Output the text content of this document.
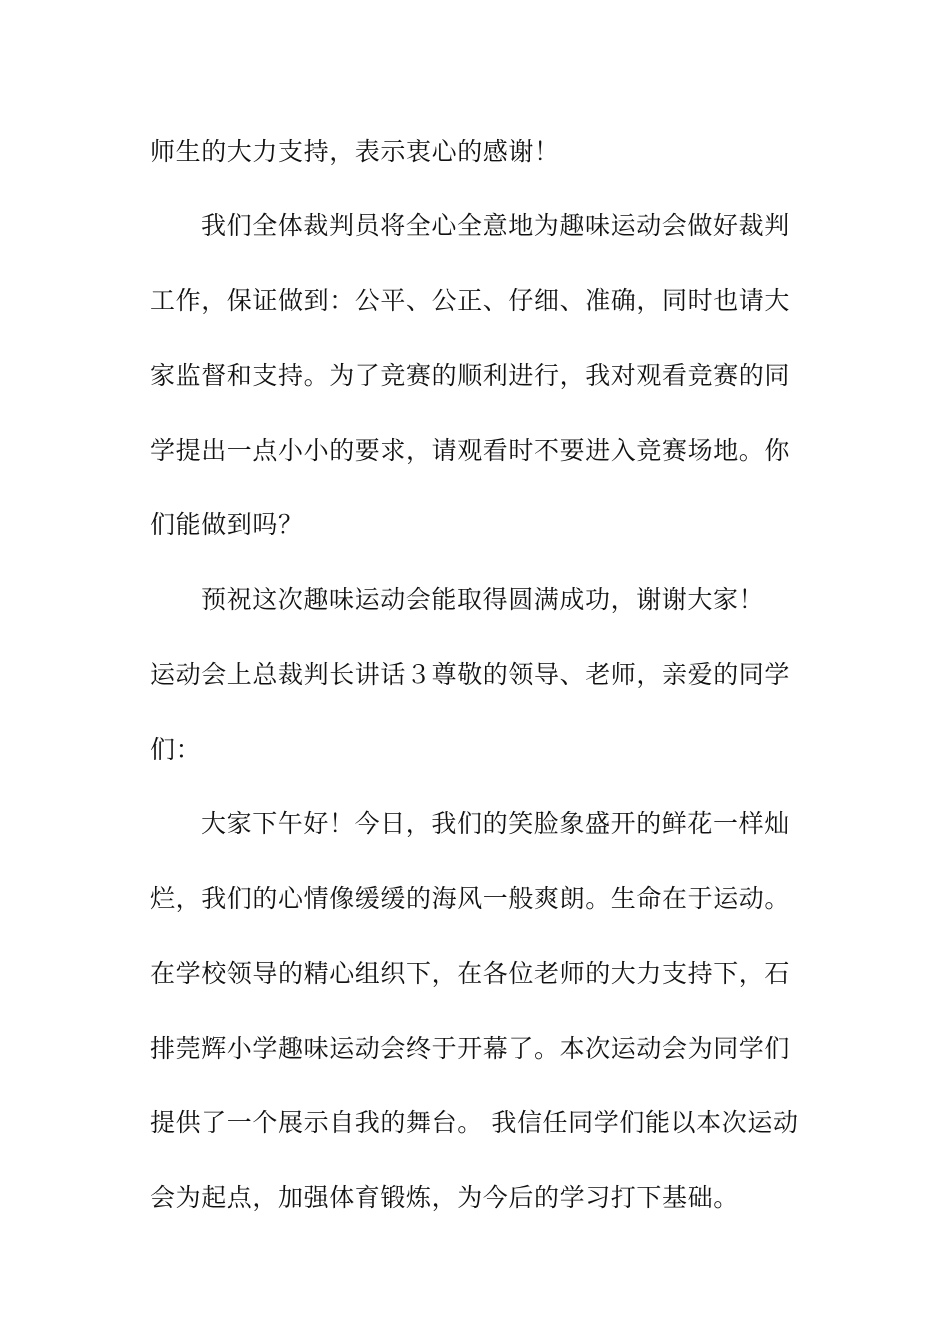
师生的大力支持，表示衷心的感谢！
我们全体裁判员将全心全意地为趣味运动会做好裁判
工作，保证做到：公平、公正、仔细、准确，同时也请大
家监督和支持。为了竞赛的顺利进行，我对观看竞赛的同
学提出一点小小的要求，请观看时不要进入竞赛场地。你
们能做到吗？
预祝这次趣味运动会能取得圆满成功，谢谢大家！
运动会上总裁判长讲话３尊敬的领导、老师，亲爱的同学
们：
大家下午好！今日，我们的笑脸象盛开的鲜花一样灿
烂，我们的心情像缓缓的海风一般爽朗。生命在于运动。
在学校领导的精心组织下，在各位老师的大力支持下，石
排莞辉小学趣味运动会终于开幕了。本次运动会为同学们
提供了一个展示自我的舞台。 我信任同学们能以本次运动
会为起点，加强体育锻炼，为今后的学习打下基础。
